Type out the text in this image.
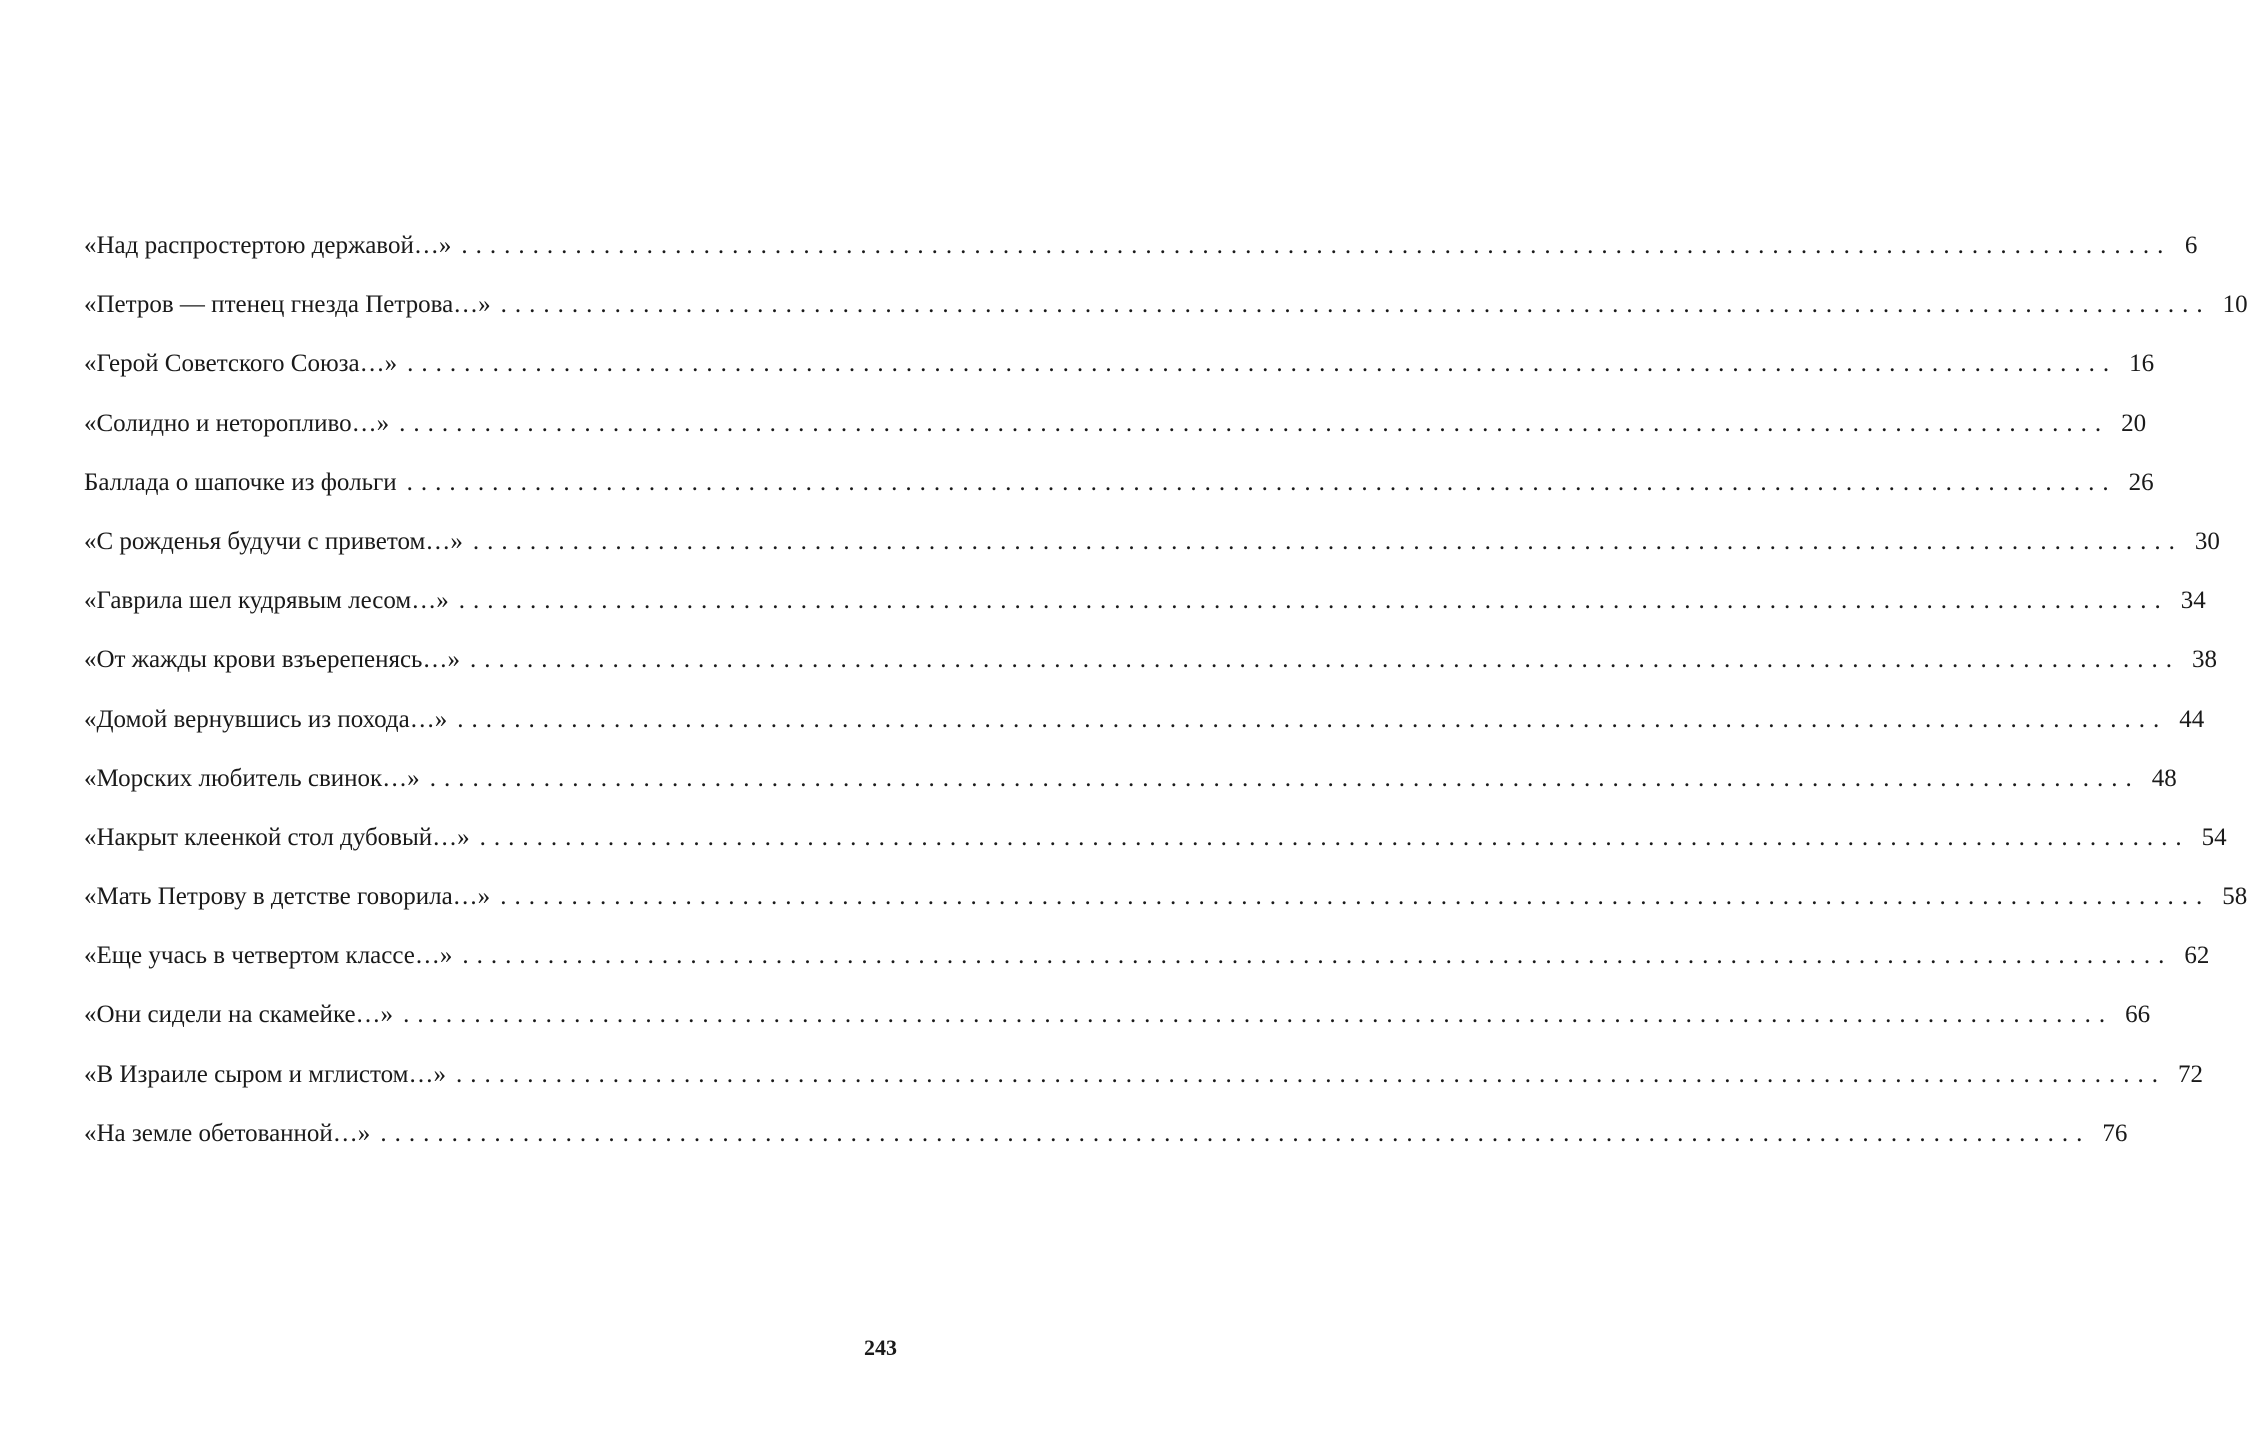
«Над распростертою державой…» ........................................................................................................................ 6
«Петров — птенец гнезда Петрова…» ........................................................................................................................ 10
«Герой Советского Союза…» ........................................................................................................................ 16
«Солидно и неторопливо…» ........................................................................................................................ 20
Баллада о шапочке из фольги ........................................................................................................................ 26
«С рожденья будучи с приветом…» ........................................................................................................................ 30
«Гаврила шел кудрявым лесом…» ........................................................................................................................ 34
«От жажды крови взъерепенясь…» ........................................................................................................................ 38
«Домой вернувшись из похода…» ........................................................................................................................ 44
«Морских любитель свинок…» ........................................................................................................................ 48
«Накрыт клеенкой стол дубовый…» ........................................................................................................................ 54
«Мать Петрову в детстве говорила…» ........................................................................................................................ 58
«Еще учась в четвертом классе…» ........................................................................................................................ 62
«Они сидели на скамейке…» ........................................................................................................................ 66
«В Израиле сыром и мглистом…» ........................................................................................................................ 72
«На земле обетованной…» ........................................................................................................................ 76
243
